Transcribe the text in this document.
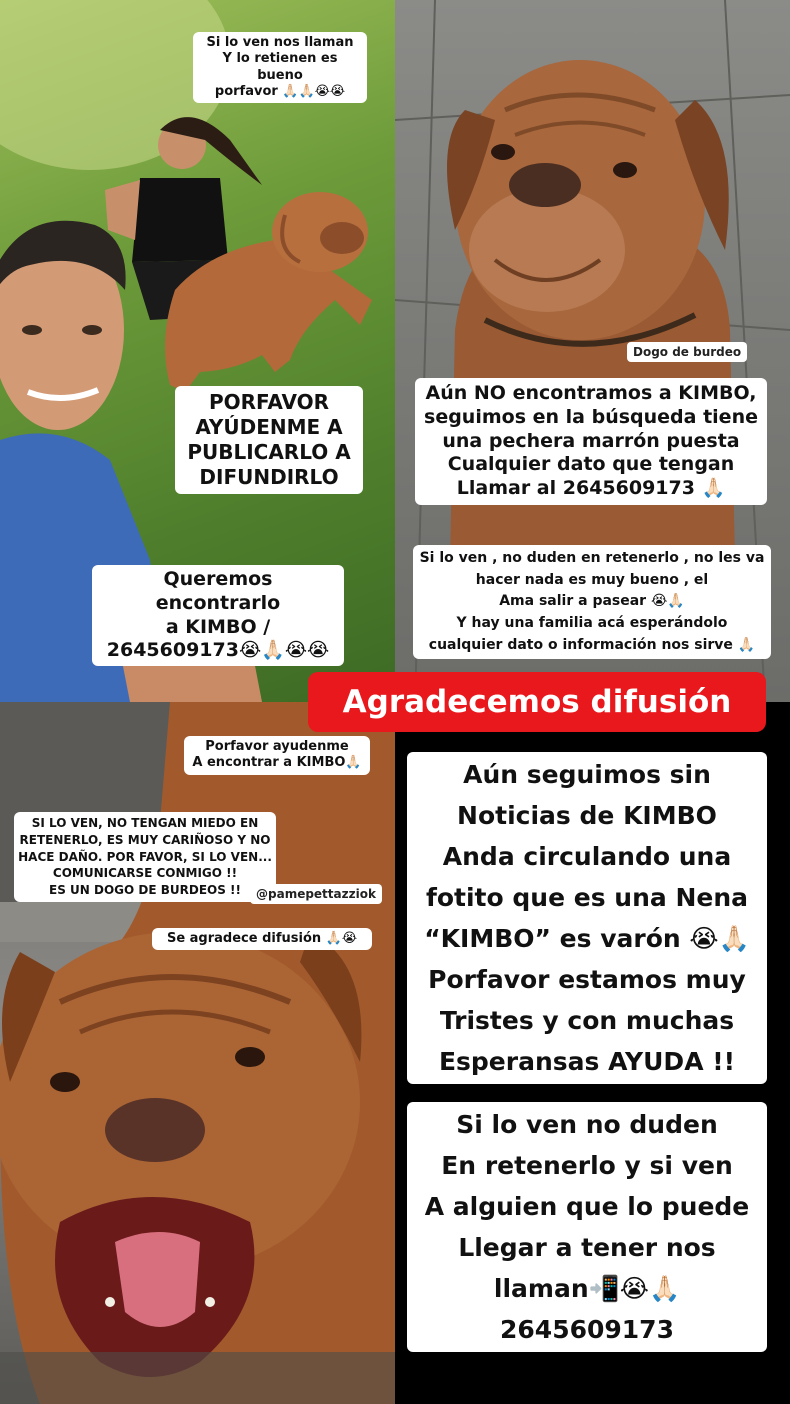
Si lo ven nos llaman
Y lo retienen es bueno
porfavor 🙏🏻🙏🏻😭😭
PORFAVOR
AYÚDENME A
PUBLICARLO A
DIFUNDIRLO
Queremos encontrarlo
a KIMBO /
2645609173😭🙏🏻😭😭
Dogo de burdeo
Aún NO encontramos a KIMBO,
seguimos en la búsqueda tiene
una pechera marrón puesta
Cualquier dato que tengan
Llamar al 2645609173 🙏🏻
Si lo ven , no duden en retenerlo , no les va
hacer nada es muy bueno , el
Ama salir a pasear 😭🙏🏻
Y hay una familia acá esperándolo
cualquier dato o información nos sirve 🙏🏻
Agradecemos difusión
Porfavor ayudenme
A encontrar a KIMBO🙏🏻
SI LO VEN, NO TENGAN MIEDO EN
RETENERLO, ES MUY CARIÑOSO Y NO
HACE DAÑO. POR FAVOR, SI LO VEN...
COMUNICARSE CONMIGO !!
ES UN DOGO DE BURDEOS !!	@pamepettazziok
Se agradece difusión 🙏🏻😭
Aún seguimos sin
Noticias de KIMBO
Anda circulando una
fotito que es una Nena
“KIMBO” es varón 😭🙏🏻
Porfavor estamos muy
Tristes y con muchas
Esperansas AYUDA !!
Si lo ven no duden
En retenerlo y si ven
A alguien que lo puede
Llegar a tener nos
llaman📲😭🙏🏻
2645609173
